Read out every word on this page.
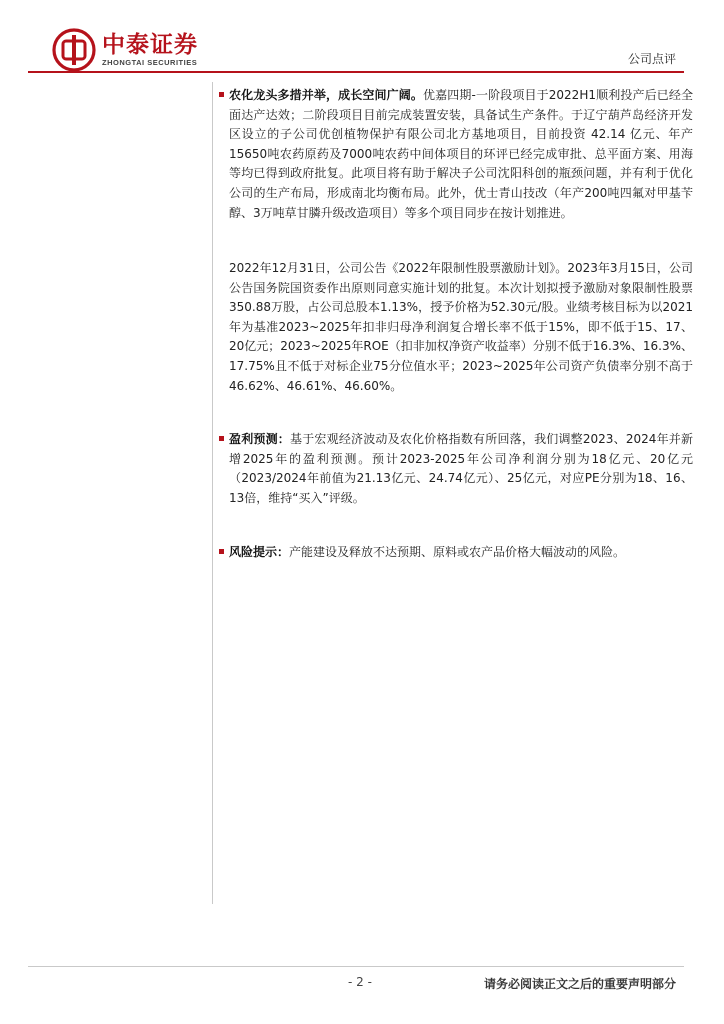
中泰证券
ZHONGTAI SECURITIES	公司点评

农化龙头多措并举，成长空间广阔。优嘉四期-一阶段项目于2022H1顺利投产后已经全面达产达效；二阶段项目目前完成装置安装，具备试生产条件。于辽宁葫芦岛经济开发区设立的子公司优创植物保护有限公司北方基地项目，目前投资 42.14 亿元、年产15650吨农药原药及7000吨农药中间体项目的环评已经完成审批、总平面方案、用海等均已得到政府批复。此项目将有助于解决子公司沈阳科创的瓶颈问题，并有利于优化公司的生产布局，形成南北均衡布局。此外，优士青山技改（年产200吨四氟对甲基苄醇、3万吨草甘膦升级改造项目）等多个项目同步在按计划推进。

2022年12月31日，公司公告《2022年限制性股票激励计划》。2023年3月15日，公司公告国务院国资委作出原则同意实施计划的批复。本次计划拟授予激励对象限制性股票350.88万股，占公司总股本1.13%，授予价格为52.30元/股。业绩考核目标为以2021年为基准2023~2025年扣非归母净利润复合增长率不低于15%，即不低于15、17、20亿元；2023~2025年ROE（扣非加权净资产收益率）分别不低于16.3%、16.3%、17.75%且不低于对标企业75分位值水平；2023~2025年公司资产负债率分别不高于46.62%、46.61%、46.60%。

盈利预测：基于宏观经济波动及农化价格指数有所回落，我们调整2023、2024年并新增2025年的盈利预测。预计2023-2025年公司净利润分别为18亿元、20亿元（2023/2024年前值为21.13亿元、24.74亿元）、25亿元，对应PE分别为18、16、13倍，维持“买入”评级。

风险提示：产能建设及释放不达预期、原料或农产品价格大幅波动的风险。

- 2 -	请务必阅读正文之后的重要声明部分
